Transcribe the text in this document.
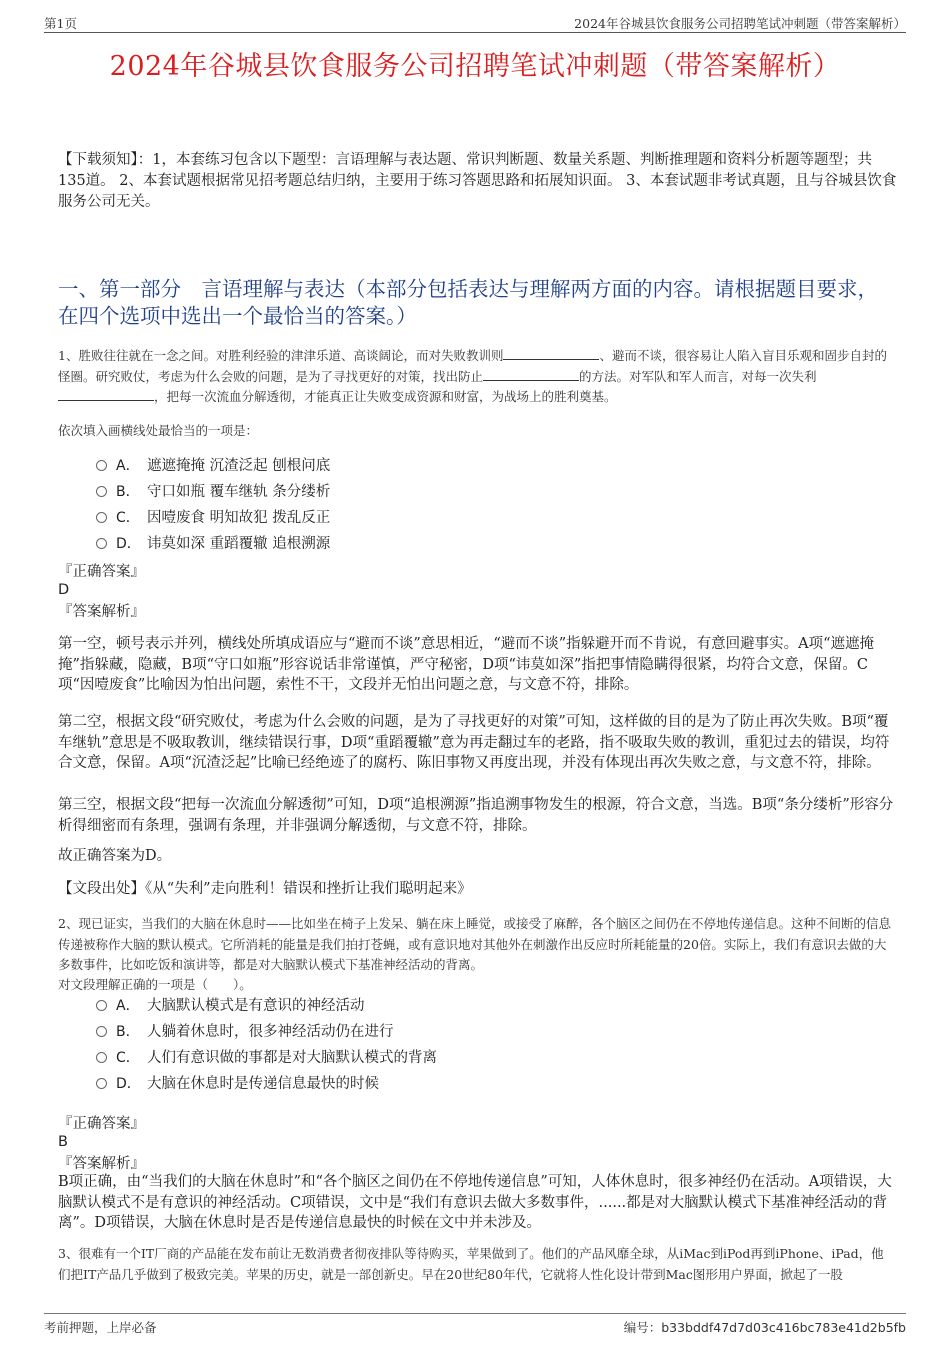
第1页	2024年谷城县饮食服务公司招聘笔试冲刺题（带答案解析）
2024年谷城县饮食服务公司招聘笔试冲刺题（带答案解析）
【下载须知】：1，本套练习包含以下题型：言语理解与表达题、常识判断题、数量关系题、判断推理题和资料分析题等题型；共135道。 2、本套试题根据常见招考题总结归纳，主要用于练习答题思路和拓展知识面。 3、本套试题非考试真题，且与谷城县饮食服务公司无关。
一、第一部分　言语理解与表达（本部分包括表达与理解两方面的内容。请根据题目要求，在四个选项中选出一个最恰当的答案。）
1、胜败往往就在一念之间。对胜利经验的津津乐道、高谈阔论，而对失败教训则	、避而不谈，很容易让人陷入盲目乐观和固步自封的怪圈。研究败仗，考虑为什么会败的问题，是为了寻找更好的对策，找出防止	的方法。对军队和军人而言，对每一次失利，把每一次流血分解透彻，才能真正让失败变成资源和财富，为战场上的胜利奠基。
依次填入画横线处最恰当的一项是：
A． 遮遮掩掩 沉渣泛起 刨根问底
B． 守口如瓶 覆车继轨 条分缕析
C． 因噎废食 明知故犯 拨乱反正
D． 讳莫如深 重蹈覆辙 追根溯源
『正确答案』
D
『答案解析』
第一空，顿号表示并列，横线处所填成语应与“避而不谈”意思相近，“避而不谈”指躲避开而不肯说，有意回避事实。A项“遮遮掩掩”指躲藏，隐藏，B项“守口如瓶”形容说话非常谨慎，严守秘密，D项“讳莫如深”指把事情隐瞒得很紧，均符合文意，保留。C项“因噎废食”比喻因为怕出问题，索性不干，文段并无怕出问题之意，与文意不符，排除。
第二空，根据文段“研究败仗，考虑为什么会败的问题，是为了寻找更好的对策”可知，这样做的目的是为了防止再次失败。B项“覆车继轨”意思是不吸取教训，继续错误行事，D项“重蹈覆辙”意为再走翻过车的老路，指不吸取失败的教训，重犯过去的错误，均符合文意，保留。A项“沉渣泛起”比喻已经绝迹了的腐朽、陈旧事物又再度出现，并没有体现出再次失败之意，与文意不符，排除。
第三空，根据文段“把每一次流血分解透彻”可知，D项“追根溯源”指追溯事物发生的根源，符合文意，当选。B项“条分缕析”形容分析得细密而有条理，强调有条理，并非强调分解透彻，与文意不符，排除。
故正确答案为D。
【文段出处】《从“失利”走向胜利！错误和挫折让我们聪明起来》
2、现已证实，当我们的大脑在休息时——比如坐在椅子上发呆、躺在床上睡觉，或接受了麻醉，各个脑区之间仍在不停地传递信息。这种不间断的信息传递被称作大脑的默认模式。它所消耗的能量是我们拍打苍蝇，或有意识地对其他外在刺激作出反应时所耗能量的20倍。实际上，我们有意识去做的大多数事件，比如吃饭和演讲等，都是对大脑默认模式下基准神经活动的背离。
对文段理解正确的一项是（　　）。
A． 大脑默认模式是有意识的神经活动
B． 人躺着休息时，很多神经活动仍在进行
C． 人们有意识做的事都是对大脑默认模式的背离
D． 大脑在休息时是传递信息最快的时候
『正确答案』
B
『答案解析』
B项正确，由“当我们的大脑在休息时”和“各个脑区之间仍在不停地传递信息”可知，人体休息时，很多神经仍在活动。A项错误，大脑默认模式不是有意识的神经活动。C项错误，文中是“我们有意识去做大多数事件，......都是对大脑默认模式下基准神经活动的背离”。D项错误，大脑在休息时是否是传递信息最快的时候在文中并未涉及。
3、很难有一个IT厂商的产品能在发布前让无数消费者彻夜排队等待购买，苹果做到了。他们的产品风靡全球，从iMac到iPod再到iPhone、iPad，他们把IT产品几乎做到了极致完美。苹果的历史，就是一部创新史。早在20世纪80年代，它就将人性化设计带到Mac图形用户界面，掀起了一股
考前押题，上岸必备	编号：b33bddf47d7d03c416bc783e41d2b5fb
